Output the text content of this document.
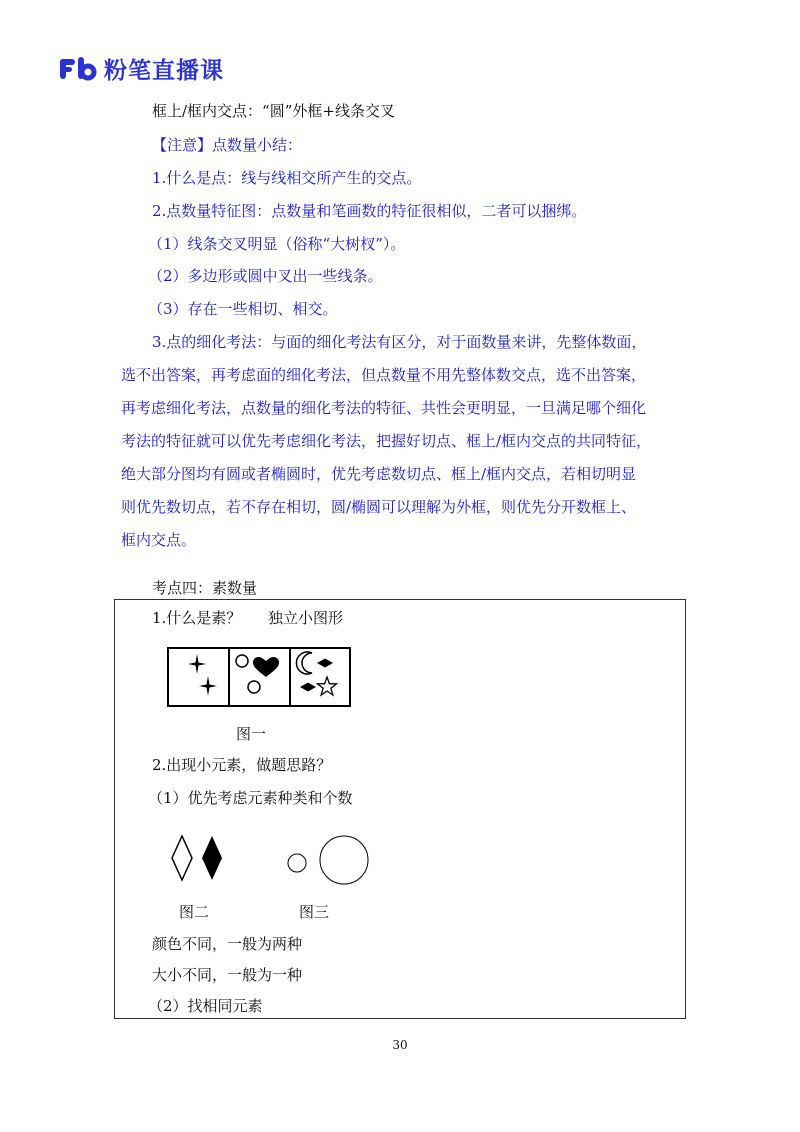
粉笔直播课
框上/框内交点：“圆”外框+线条交叉
【注意】点数量小结：
1.什么是点：线与线相交所产生的交点。
2.点数量特征图：点数量和笔画数的特征很相似，二者可以捆绑。
（1）线条交叉明显（俗称“大树杈”）。
（2）多边形或圆中叉出一些线条。
（3）存在一些相切、相交。
3.点的细化考法：与面的细化考法有区分，对于面数量来讲，先整体数面，
选不出答案，再考虑面的细化考法，但点数量不用先整体数交点，选不出答案，
再考虑细化考法，点数量的细化考法的特征、共性会更明显，一旦满足哪个细化
考法的特征就可以优先考虑细化考法，把握好切点、框上/框内交点的共同特征，
绝大部分图均有圆或者椭圆时，优先考虑数切点、框上/框内交点，若相切明显
则优先数切点，若不存在相切，圆/椭圆可以理解为外框，则优先分开数框上、
框内交点。
考点四：素数量
1.什么是素？ 独立小图形
图一
2.出现小元素，做题思路？
（1）优先考虑元素种类和个数
图二	图三
颜色不同，一般为两种
大小不同，一般为一种
（2）找相同元素
30
